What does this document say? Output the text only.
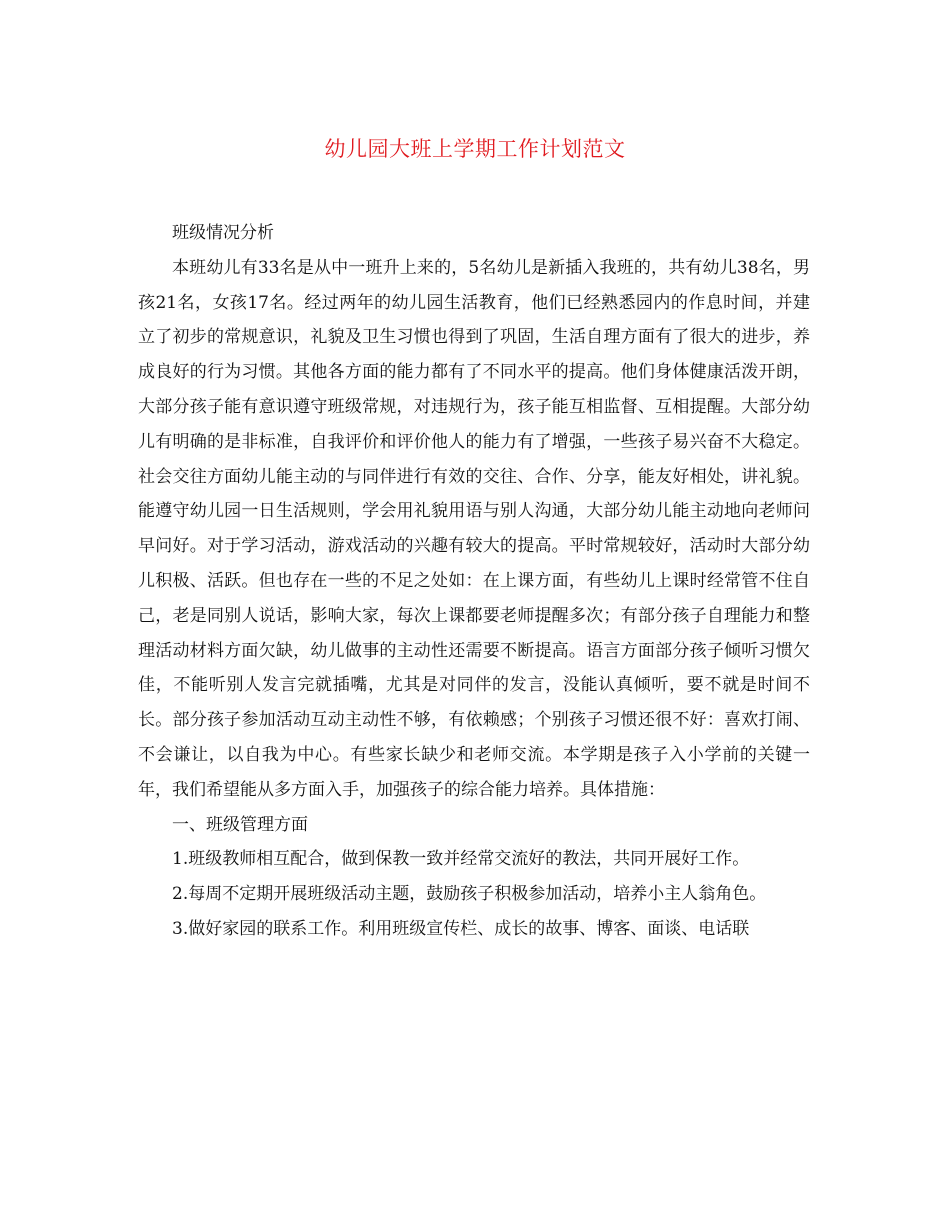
幼儿园大班上学期工作计划范文

班级情况分析

本班幼儿有33名是从中一班升上来的，5名幼儿是新插入我班的，共有幼儿38名，男孩21名，女孩17名。经过两年的幼儿园生活教育，他们已经熟悉园内的作息时间，并建立了初步的常规意识，礼貌及卫生习惯也得到了巩固，生活自理方面有了很大的进步，养成良好的行为习惯。其他各方面的能力都有了不同水平的提高。他们身体健康活泼开朗，大部分孩子能有意识遵守班级常规，对违规行为，孩子能互相监督、互相提醒。大部分幼儿有明确的是非标准，自我评价和评价他人的能力有了增强，一些孩子易兴奋不大稳定。社会交往方面幼儿能主动的与同伴进行有效的交往、合作、分享，能友好相处，讲礼貌。能遵守幼儿园一日生活规则，学会用礼貌用语与别人沟通，大部分幼儿能主动地向老师问早问好。对于学习活动，游戏活动的兴趣有较大的提高。平时常规较好，活动时大部分幼儿积极、活跃。但也存在一些的不足之处如：在上课方面，有些幼儿上课时经常管不住自己，老是同别人说话，影响大家，每次上课都要老师提醒多次；有部分孩子自理能力和整理活动材料方面欠缺，幼儿做事的主动性还需要不断提高。语言方面部分孩子倾听习惯欠佳，不能听别人发言完就插嘴，尤其是对同伴的发言，没能认真倾听，要不就是时间不长。部分孩子参加活动互动主动性不够，有依赖感；个别孩子习惯还很不好：喜欢打闹、不会谦让，以自我为中心。有些家长缺少和老师交流。本学期是孩子入小学前的关键一年，我们希望能从多方面入手，加强孩子的综合能力培养。具体措施：

一、班级管理方面

1.班级教师相互配合，做到保教一致并经常交流好的教法，共同开展好工作。

2.每周不定期开展班级活动主题，鼓励孩子积极参加活动，培养小主人翁角色。

3.做好家园的联系工作。利用班级宣传栏、成长的故事、博客、面谈、电话联
